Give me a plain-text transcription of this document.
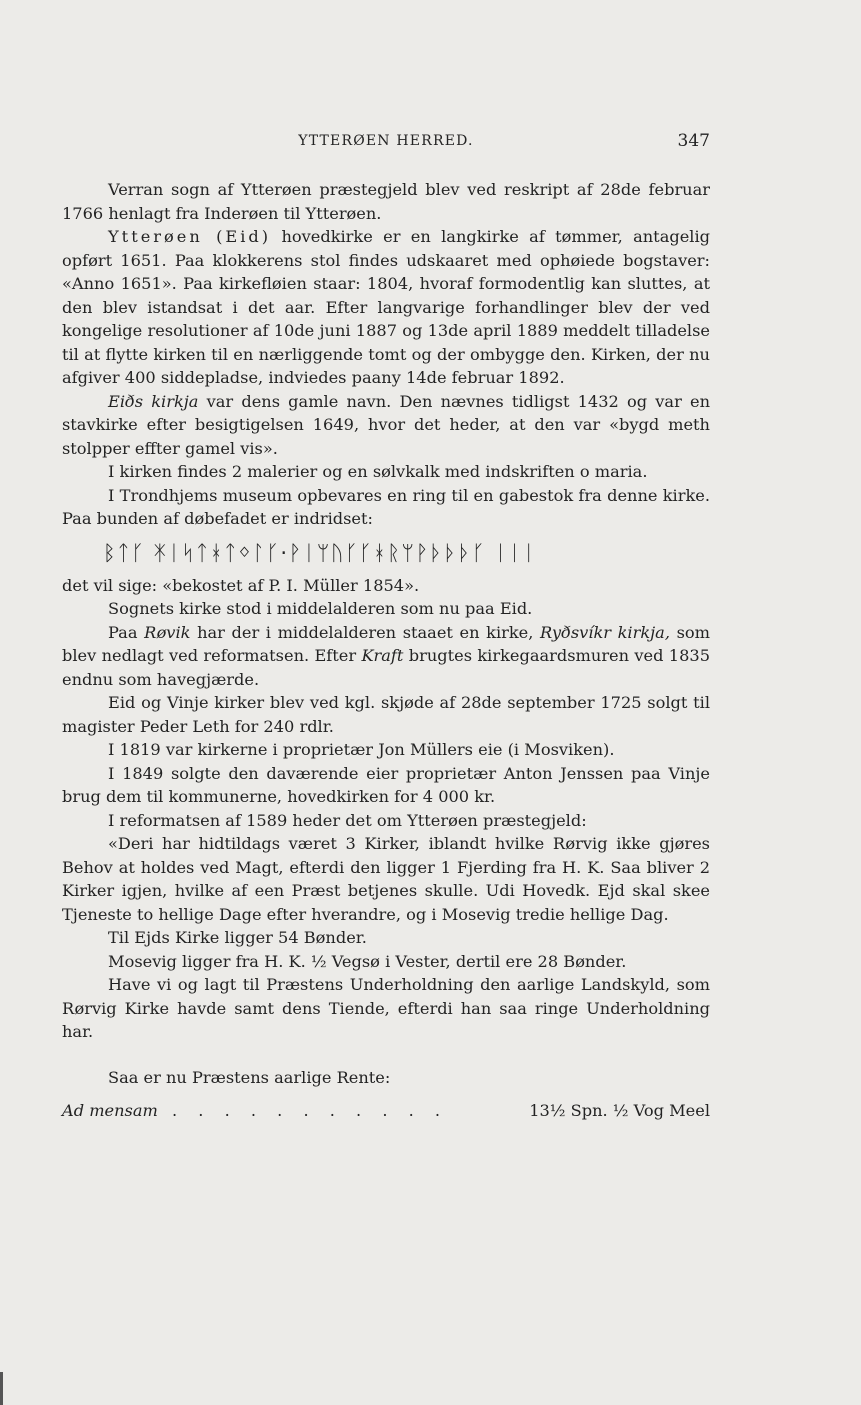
YTTERØEN HERRED.	347

Verran sogn af Ytterøen præstegjeld blev ved reskript af 28de februar 1766 henlagt fra Inderøen til Ytterøen.

Ytterøen (Eid) hovedkirke er en langkirke af tømmer, antagelig opført 1651. Paa klokkerens stol findes udskaaret med ophøiede bogstaver: «Anno 1651». Paa kirkefløien staar: 1804, hvoraf formodentlig kan sluttes, at den blev istandsat i det aar. Efter langvarige forhandlinger blev der ved kongelige resolutioner af 10de juni 1887 og 13de april 1889 meddelt tilladelse til at flytte kirken til en nærliggende tomt og der ombygge den. Kirken, der nu afgiver 400 siddepladse, indviedes paany 14de februar 1892.

Eiðs kirkja var dens gamle navn. Den nævnes tidligst 1432 og var en stavkirke efter besigtigelsen 1649, hvor det heder, at den var «bygd meth stolpper effter gamel vis».

I kirken findes 2 malerier og en sølvkalk med indskriften o maria.

I Trondhjems museum opbevares en ring til en gabestok fra denne kirke. Paa bunden af døbefadet er indridset:

ᛒᛏᚴ ᛡᛁᛋᛏᚼᛏᛜᛚᚴ·ᚹᛁᛘᚢᚴᚴᚼᚱᛘᚹᚦᚦᚦᚴ ᛁᛁᛁ

det vil sige: «bekostet af P. I. Müller 1854».

Sognets kirke stod i middelalderen som nu paa Eid.

Paa Røvik har der i middelalderen staaet en kirke, Ryðsvíkr kirkja, som blev nedlagt ved reformatsen. Efter Kraft brugtes kirkegaardsmuren ved 1835 endnu som havegjærde.

Eid og Vinje kirker blev ved kgl. skjøde af 28de september 1725 solgt til magister Peder Leth for 240 rdlr.

I 1819 var kirkerne i proprietær Jon Müllers eie (i Mosviken).

I 1849 solgte den daværende eier proprietær Anton Jenssen paa Vinje brug dem til kommunerne, hovedkirken for 4 000 kr.

I reformatsen af 1589 heder det om Ytterøen præstegjeld:

«Deri har hidtildags været 3 Kirker, iblandt hvilke Rørvig ikke gjøres Behov at holdes ved Magt, efterdi den ligger 1 Fjerding fra H. K. Saa bliver 2 Kirker igjen, hvilke af een Præst betjenes skulle. Udi Hovedk. Ejd skal skee Tjeneste to hellige Dage efter hverandre, og i Mosevig tredie hellige Dag.

Til Ejds Kirke ligger 54 Bønder.

Mosevig ligger fra H. K. ½ Vegsø i Vester, dertil ere 28 Bønder.

Have vi og lagt til Præstens Underholdning den aarlige Landskyld, som Rørvig Kirke havde samt dens Tiende, efterdi han saa ringe Underholdning har.

Saa er nu Præstens aarlige Rente:

Ad mensam . . . . . . . . . . .	13½ Spn. ½ Vog Meel
